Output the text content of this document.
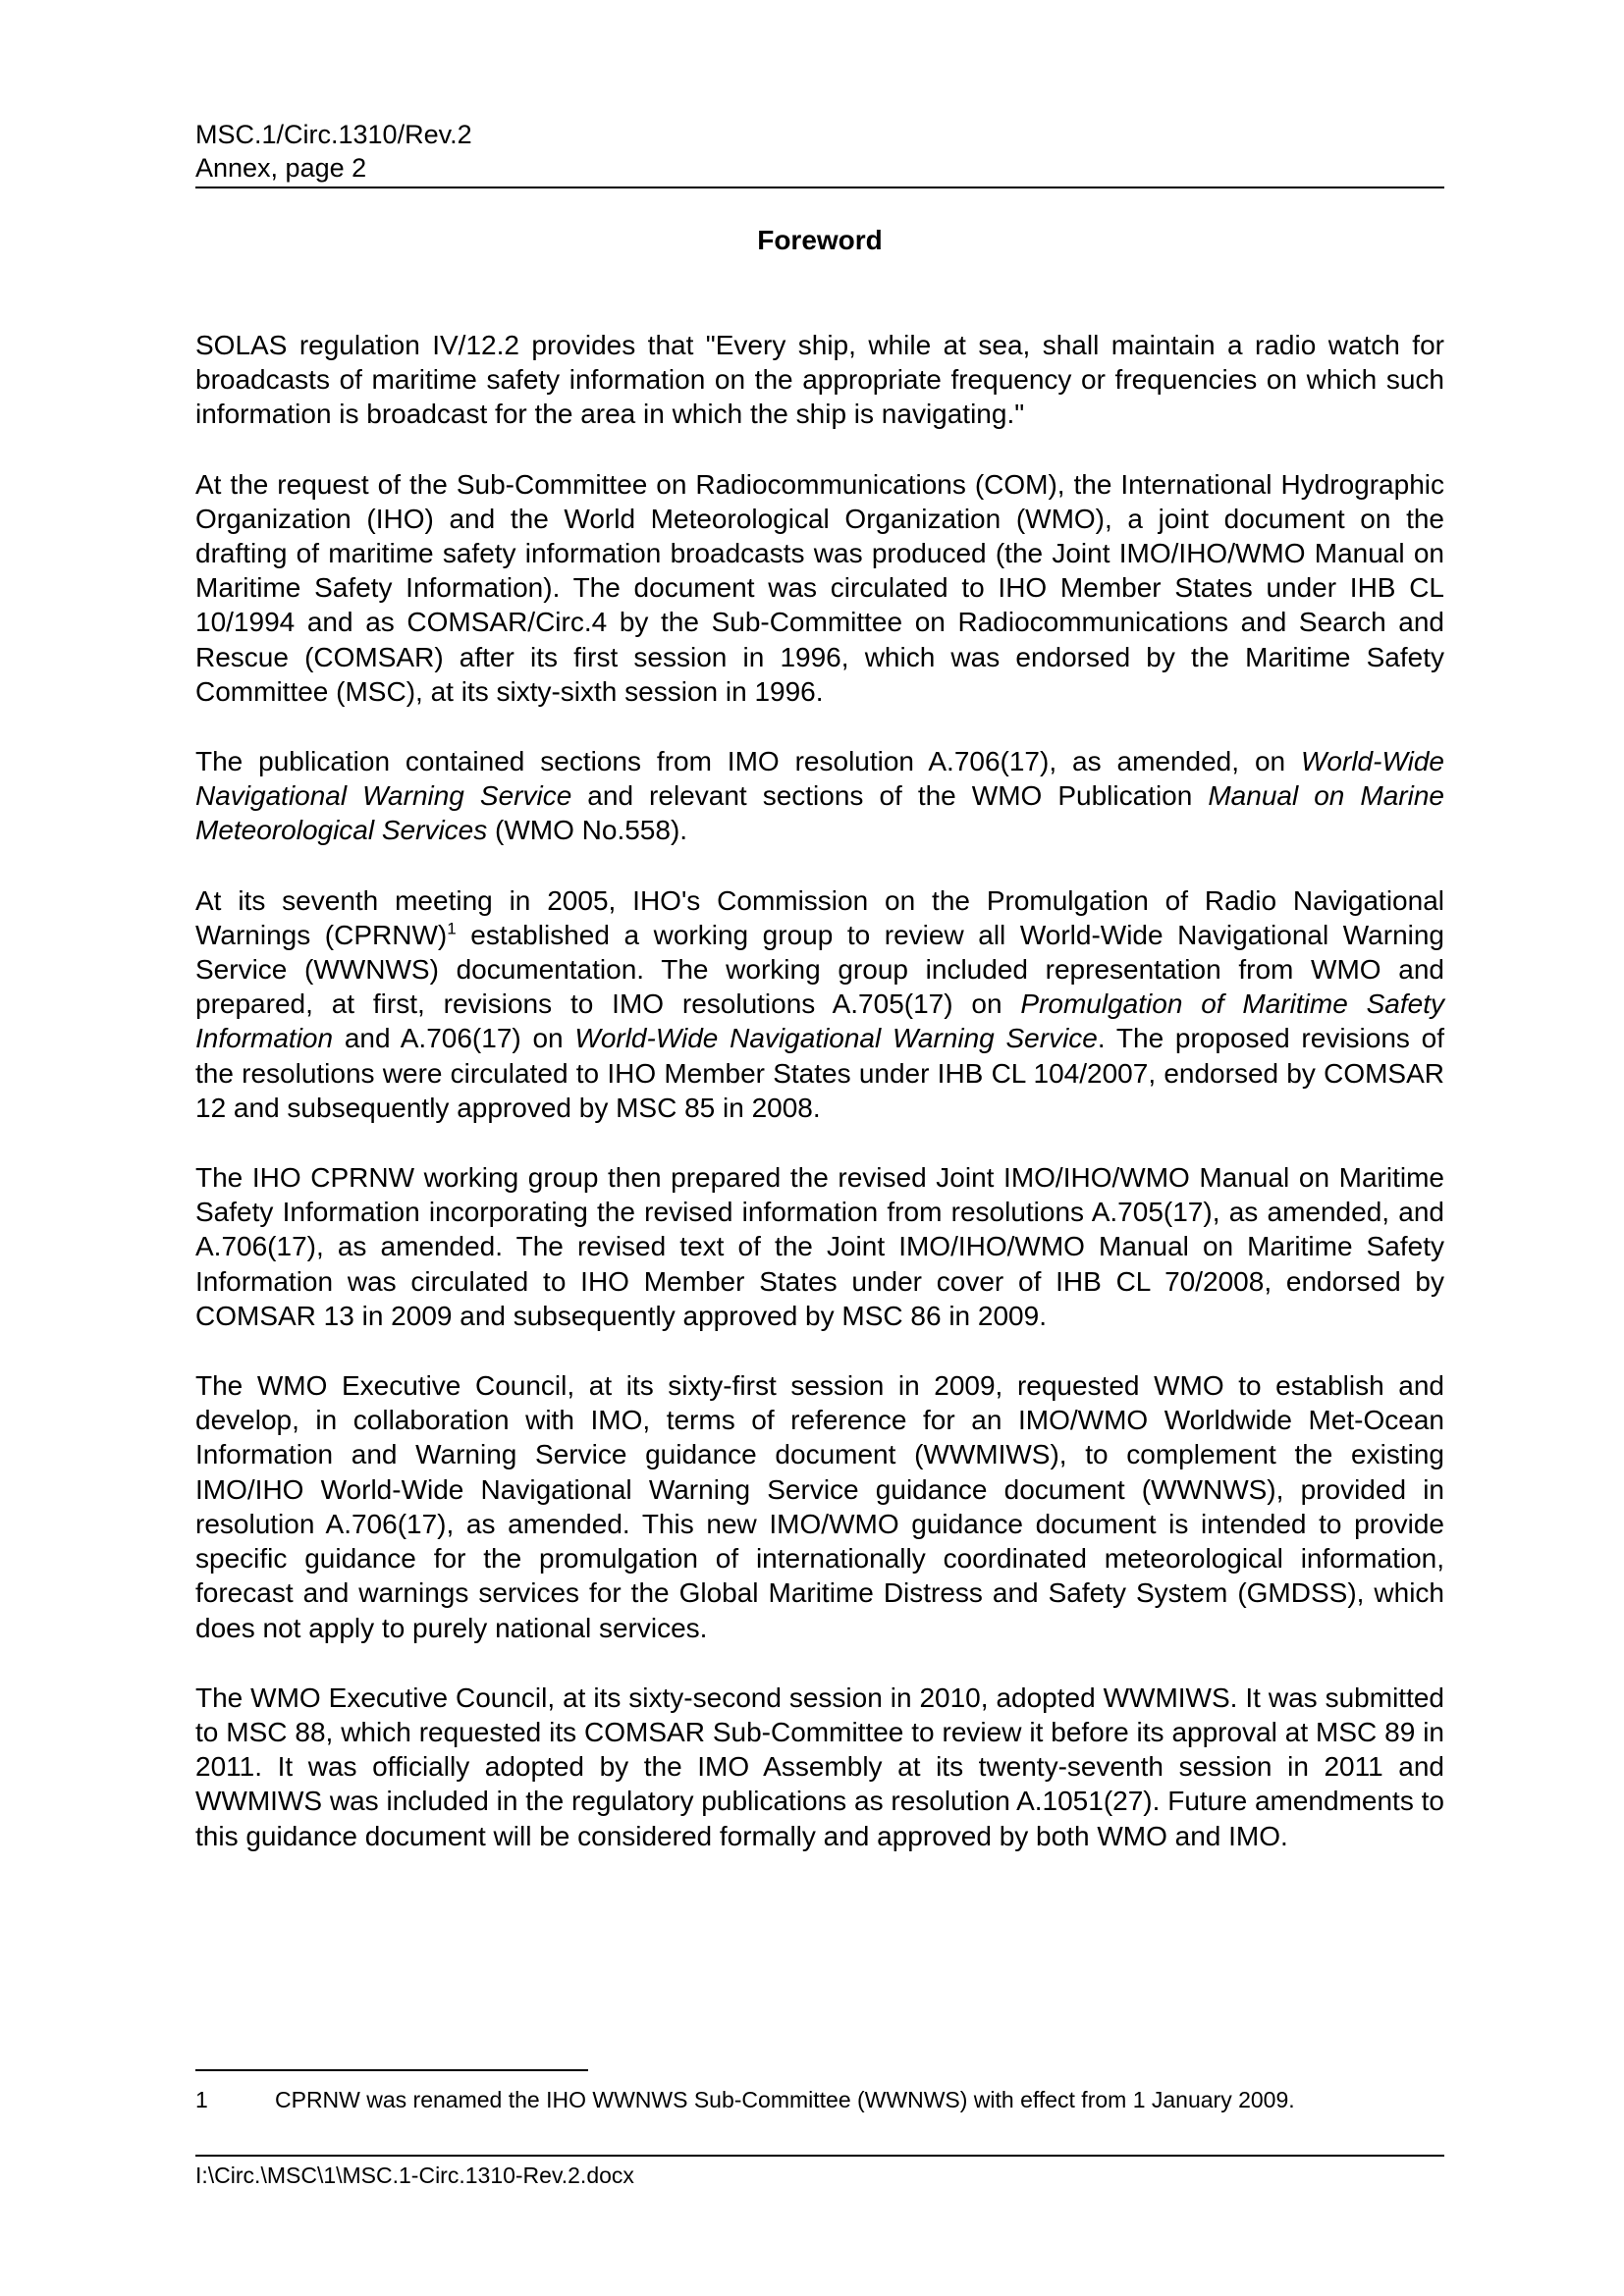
MSC.1/Circ.1310/Rev.2
Annex, page 2
Foreword

SOLAS regulation IV/12.2 provides that "Every ship, while at sea, shall maintain a radio watch for broadcasts of maritime safety information on the appropriate frequency or frequencies on which such information is broadcast for the area in which the ship is navigating."

At the request of the Sub-Committee on Radiocommunications (COM), the International Hydrographic Organization (IHO) and the World Meteorological Organization (WMO), a joint document on the drafting of maritime safety information broadcasts was produced (the Joint IMO/IHO/WMO Manual on Maritime Safety Information). The document was circulated to IHO Member States under IHB CL 10/1994 and as COMSAR/Circ.4 by the Sub-Committee on Radiocommunications and Search and Rescue (COMSAR) after its first session in 1996, which was endorsed by the Maritime Safety Committee (MSC), at its sixty-sixth session in 1996.

The publication contained sections from IMO resolution A.706(17), as amended, on World-Wide Navigational Warning Service and relevant sections of the WMO Publication Manual on Marine Meteorological Services (WMO No.558).

At its seventh meeting in 2005, IHO's Commission on the Promulgation of Radio Navigational Warnings (CPRNW)$^1$ established a working group to review all World-Wide Navigational Warning Service (WWNWS) documentation. The working group included representation from WMO and prepared, at first, revisions to IMO resolutions A.705(17) on Promulgation of Maritime Safety Information and A.706(17) on World-Wide Navigational Warning Service. The proposed revisions of the resolutions were circulated to IHO Member States under IHB CL 104/2007, endorsed by COMSAR 12 and subsequently approved by MSC 85 in 2008.

The IHO CPRNW working group then prepared the revised Joint IMO/IHO/WMO Manual on Maritime Safety Information incorporating the revised information from resolutions A.705(17), as amended, and A.706(17), as amended. The revised text of the Joint IMO/IHO/WMO Manual on Maritime Safety Information was circulated to IHO Member States under cover of IHB CL 70/2008, endorsed by COMSAR 13 in 2009 and subsequently approved by MSC 86 in 2009.

The WMO Executive Council, at its sixty-first session in 2009, requested WMO to establish and develop, in collaboration with IMO, terms of reference for an IMO/WMO Worldwide Met-Ocean Information and Warning Service guidance document (WWMIWS), to complement the existing IMO/IHO World-Wide Navigational Warning Service guidance document (WWNWS), provided in resolution A.706(17), as amended. This new IMO/WMO guidance document is intended to provide specific guidance for the promulgation of internationally coordinated meteorological information, forecast and warnings services for the Global Maritime Distress and Safety System (GMDSS), which does not apply to purely national services.

The WMO Executive Council, at its sixty-second session in 2010, adopted WWMIWS. It was submitted to MSC 88, which requested its COMSAR Sub-Committee to review it before its approval at MSC 89 in 2011. It was officially adopted by the IMO Assembly at its twenty-seventh session in 2011 and WWMIWS was included in the regulatory publications as resolution A.1051(27). Future amendments to this guidance document will be considered formally and approved by both WMO and IMO.

1	CPRNW was renamed the IHO WWNWS Sub-Committee (WWNWS) with effect from 1 January 2009.
I:\Circ.\MSC\1\MSC.1-Circ.1310-Rev.2.docx
